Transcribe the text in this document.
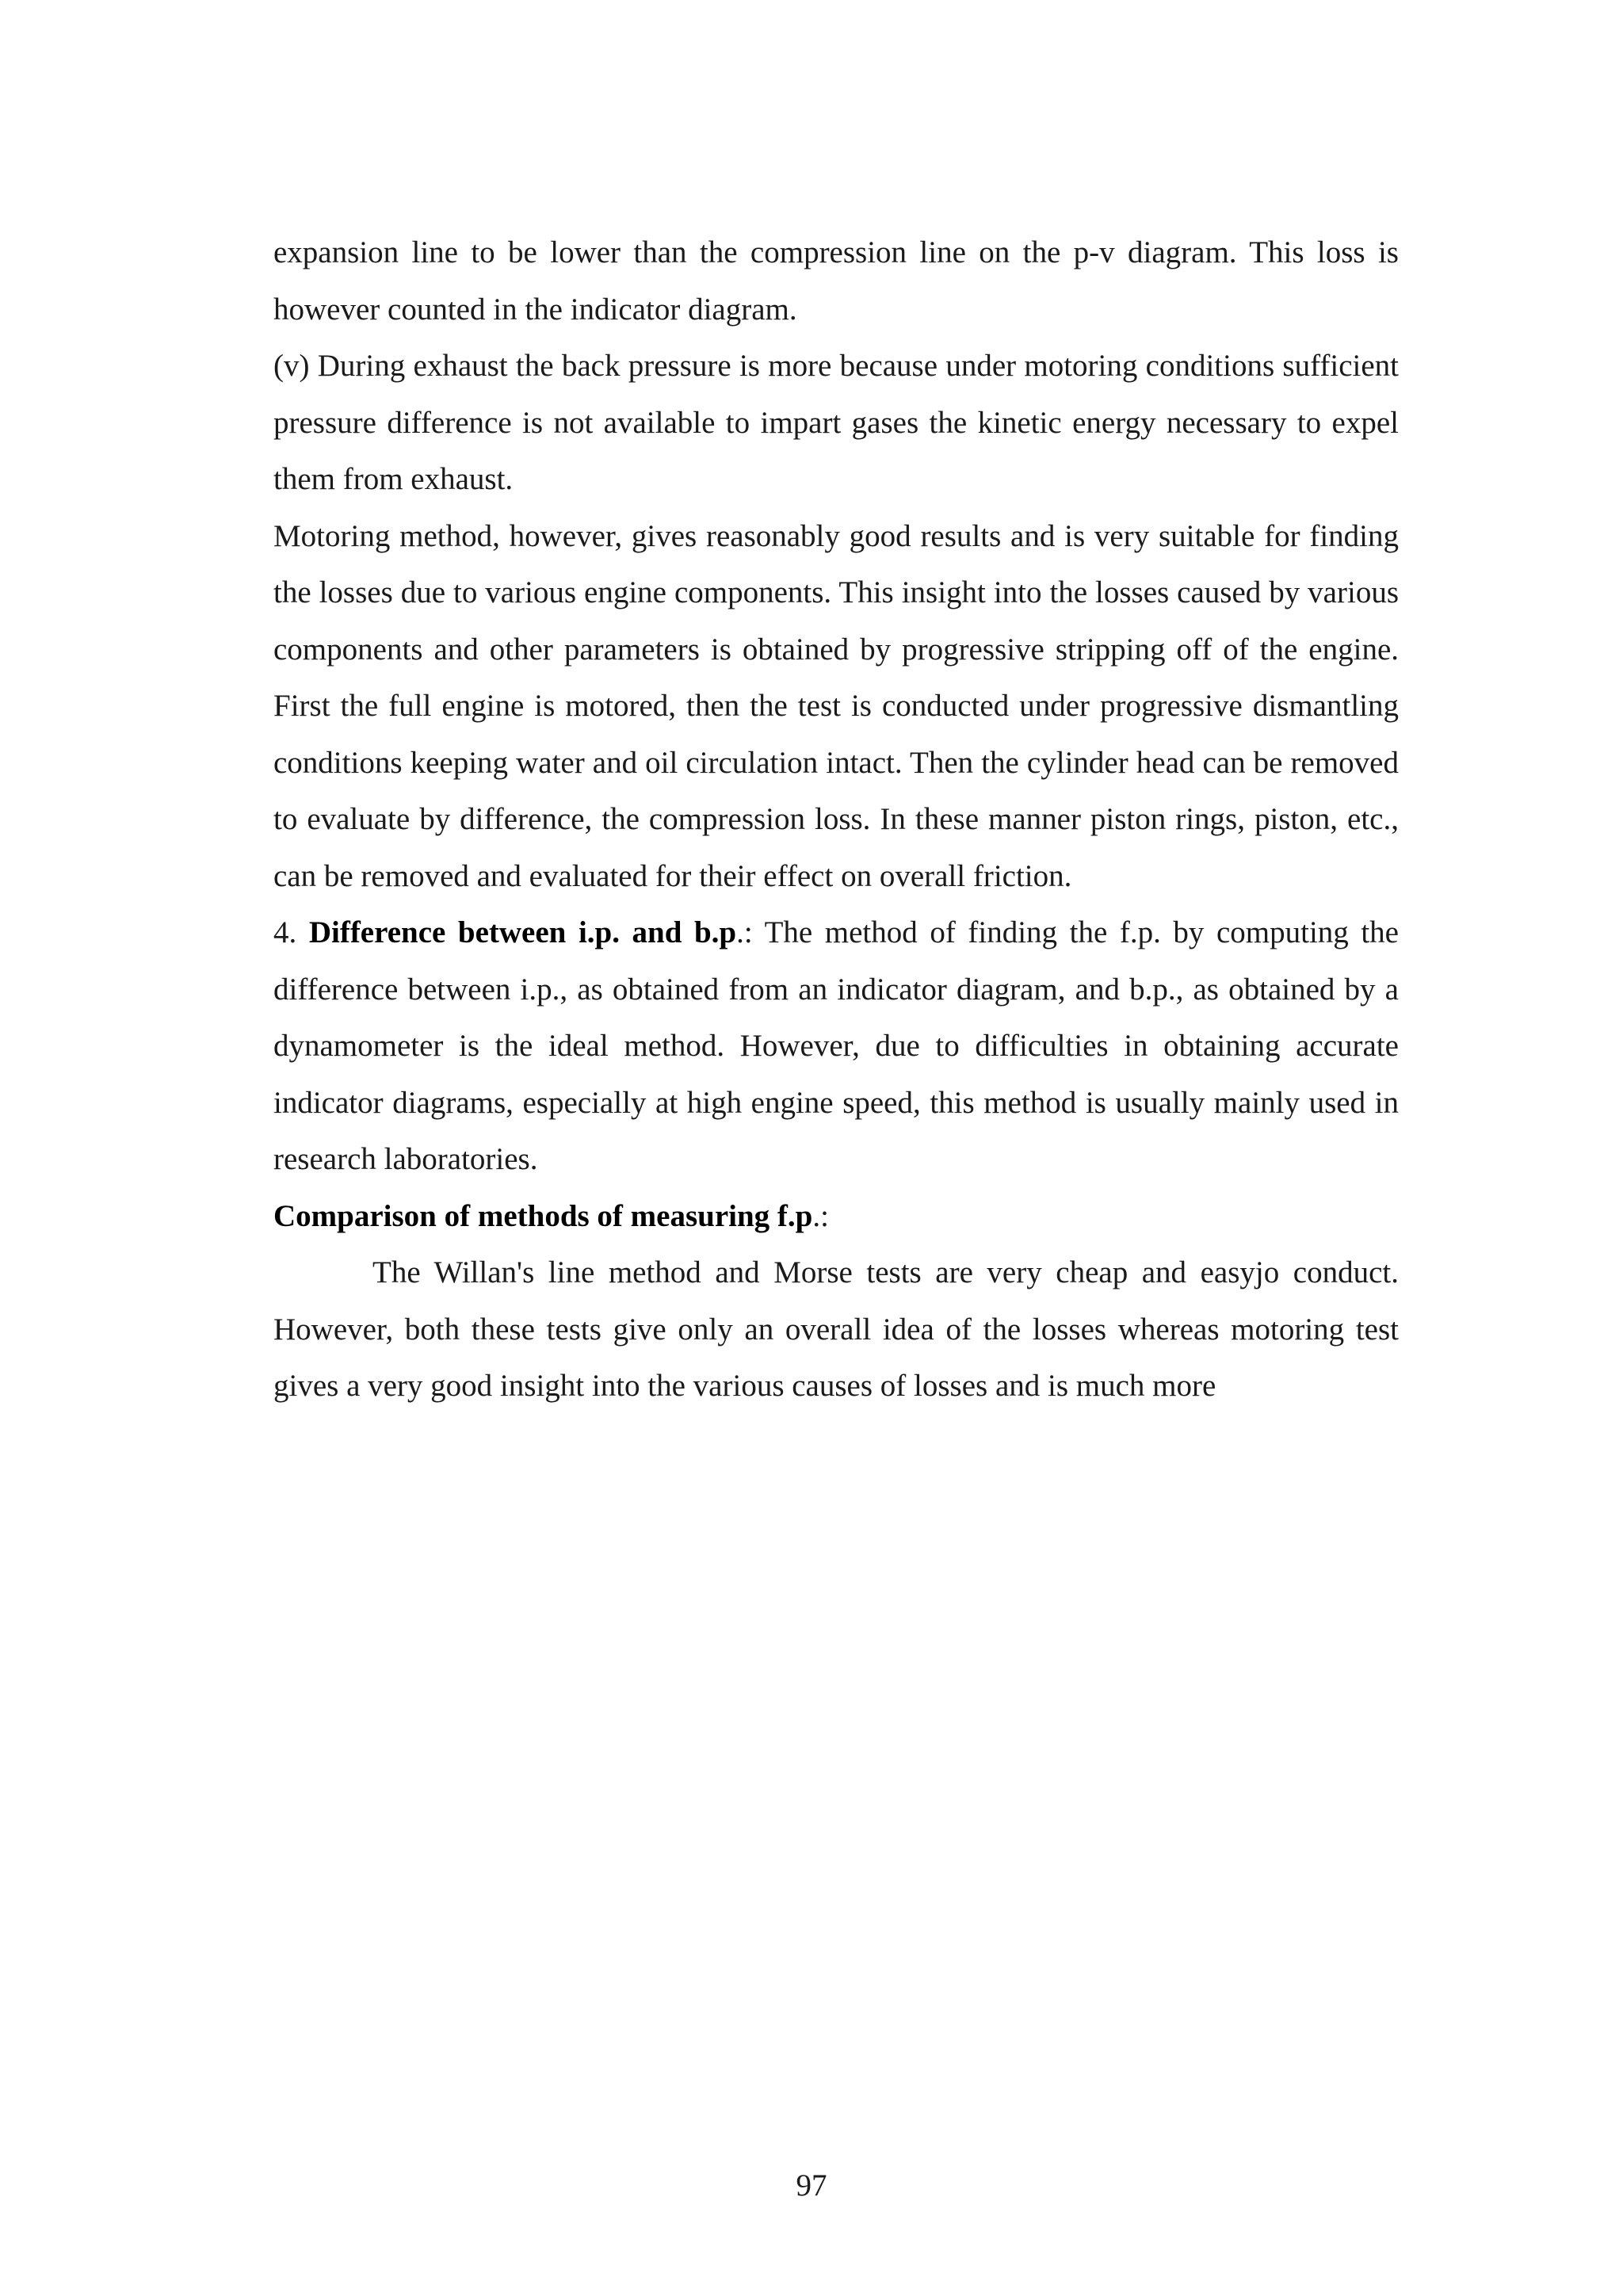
expansion line to be lower than the compression line on the p-v diagram. This loss is however counted in the indicator diagram.

(v) During exhaust the back pressure is more because under motoring conditions sufficient pressure difference is not available to impart gases the kinetic energy necessary to expel them from exhaust.

Motoring method, however, gives reasonably good results and is very suitable for finding the losses due to various engine components. This insight into the losses caused by various components and other parameters is obtained by progressive stripping off of the engine. First the full engine is motored, then the test is conducted under progressive dismantling conditions keeping water and oil circulation intact. Then the cylinder head can be removed to evaluate by difference, the compression loss. In these manner piston rings, piston, etc., can be removed and evaluated for their effect on overall friction.

4. Difference between i.p. and b.p.: The method of finding the f.p. by computing the difference between i.p., as obtained from an indicator diagram, and b.p., as obtained by a dynamometer is the ideal method. However, due to difficulties in obtaining accurate indicator diagrams, especially at high engine speed, this method is usually mainly used in research laboratories.

Comparison of methods of measuring f.p.:

The Willan's line method and Morse tests are very cheap and easyjo conduct. However, both these tests give only an overall idea of the losses whereas motoring test gives a very good insight into the various causes of losses and is much more

97
